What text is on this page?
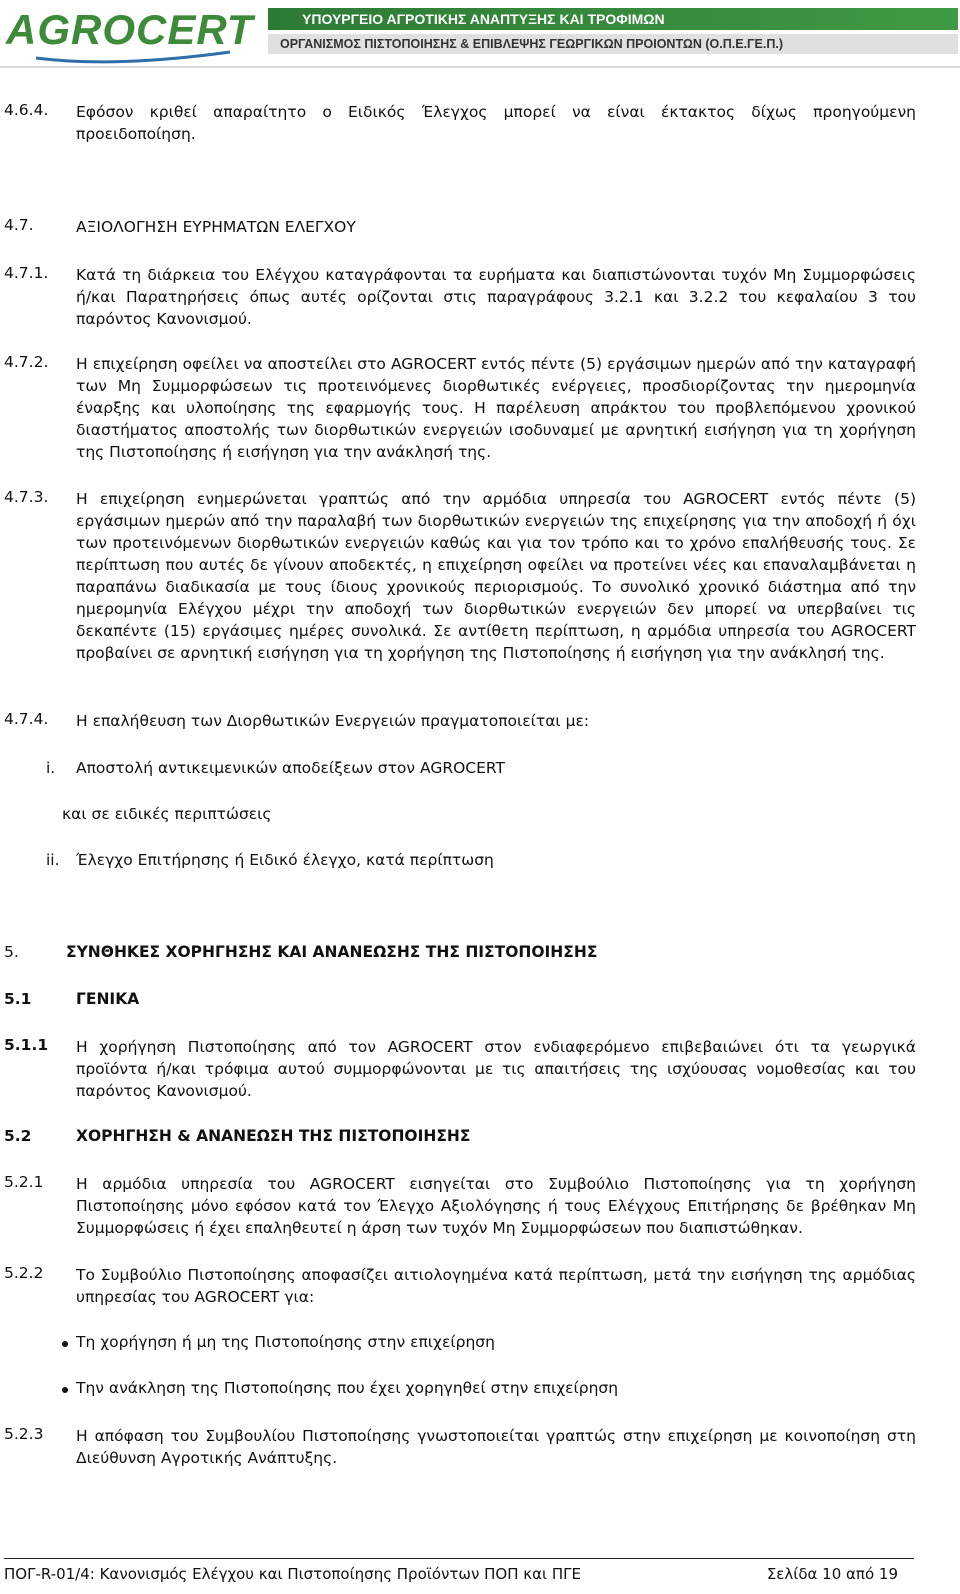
AGROCERT	ΥΠΟΥΡΓΕΙΟ ΑΓΡΟΤΙΚΗΣ ΑΝΑΠΤΥΞΗΣ ΚΑΙ ΤΡΟΦΙΜΩΝ
ΟΡΓΑΝΙΣΜΟΣ ΠΙΣΤΟΠΟΙΗΣΗΣ & ΕΠΙΒΛΕΨΗΣ ΓΕΩΡΓΙΚΩΝ ΠΡΟΙΟΝΤΩΝ (Ο.Π.Ε.ΓΕ.Π.)
4.6.4. Εφόσον κριθεί απαραίτητο ο Ειδικός Έλεγχος μπορεί να είναι έκτακτος δίχως προηγούμενη προειδοποίηση.
4.7.	ΑΞΙΟΛΟΓΗΣΗ ΕΥΡΗΜΑΤΩΝ ΕΛΕΓΧΟΥ
4.7.1. Κατά τη διάρκεια του Ελέγχου καταγράφονται τα ευρήματα και διαπιστώνονται τυχόν Μη Συμμορφώσεις ή/και Παρατηρήσεις όπως αυτές ορίζονται στις παραγράφους 3.2.1 και 3.2.2 του κεφαλαίου 3 του παρόντος Κανονισμού.
4.7.2. Η επιχείρηση οφείλει να αποστείλει στο AGROCERT εντός πέντε (5) εργάσιμων ημερών από την καταγραφή των Μη Συμμορφώσεων τις προτεινόμενες διορθωτικές ενέργειες, προσδιορίζοντας την ημερομηνία έναρξης και υλοποίησης της εφαρμογής τους. Η παρέλευση απράκτου του προβλεπόμενου χρονικού διαστήματος αποστολής των διορθωτικών ενεργειών ισοδυναμεί με αρνητική εισήγηση για τη χορήγηση της Πιστοποίησης ή εισήγηση για την ανάκλησή της.
4.7.3. Η επιχείρηση ενημερώνεται γραπτώς από την αρμόδια υπηρεσία του AGROCERT εντός πέντε (5) εργάσιμων ημερών από την παραλαβή των διορθωτικών ενεργειών της επιχείρησης για την αποδοχή ή όχι των προτεινόμενων διορθωτικών ενεργειών καθώς και για τον τρόπο και το χρόνο επαλήθευσής τους. Σε περίπτωση που αυτές δε γίνουν αποδεκτές, η επιχείρηση οφείλει να προτείνει νέες και επαναλαμβάνεται η παραπάνω διαδικασία με τους ίδιους χρονικούς περιορισμούς. Το συνολικό χρονικό διάστημα από την ημερομηνία Ελέγχου μέχρι την αποδοχή των διορθωτικών ενεργειών δεν μπορεί να υπερβαίνει τις δεκαπέντε (15) εργάσιμες ημέρες συνολικά. Σε αντίθετη περίπτωση, η αρμόδια υπηρεσία του AGROCERT προβαίνει σε αρνητική εισήγηση για τη χορήγηση της Πιστοποίησης ή εισήγηση για την ανάκλησή της.
4.7.4. Η επαλήθευση των Διορθωτικών Ενεργειών πραγματοποιείται με:
i. Αποστολή αντικειμενικών αποδείξεων στον AGROCERT
και σε ειδικές περιπτώσεις
ii. Έλεγχο Επιτήρησης ή Ειδικό έλεγχο, κατά περίπτωση
5.	ΣΥΝΘΗΚΕΣ ΧΟΡΗΓΗΣΗΣ ΚΑΙ ΑΝΑΝΕΩΣΗΣ ΤΗΣ ΠΙΣΤΟΠΟΙΗΣΗΣ
5.1	ΓΕΝΙΚΑ
5.1.1 Η χορήγηση Πιστοποίησης από τον AGROCERT στον ενδιαφερόμενο επιβεβαιώνει ότι τα γεωργικά προϊόντα ή/και τρόφιμα αυτού συμμορφώνονται με τις απαιτήσεις της ισχύουσας νομοθεσίας και του παρόντος Κανονισμού.
5.2	ΧΟΡΗΓΗΣΗ & ΑΝΑΝΕΩΣΗ ΤΗΣ ΠΙΣΤΟΠΟΙΗΣΗΣ
5.2.1 Η αρμόδια υπηρεσία του AGROCERT εισηγείται στο Συμβούλιο Πιστοποίησης για τη χορήγηση Πιστοποίησης μόνο εφόσον κατά τον Έλεγχο Αξιολόγησης ή τους Ελέγχους Επιτήρησης δε βρέθηκαν Μη Συμμορφώσεις ή έχει επαληθευτεί η άρση των τυχόν Μη Συμμορφώσεων που διαπιστώθηκαν.
5.2.2 Το Συμβούλιο Πιστοποίησης αποφασίζει αιτιολογημένα κατά περίπτωση, μετά την εισήγηση της αρμόδιας υπηρεσίας του AGROCERT για:
Τη χορήγηση ή μη της Πιστοποίησης στην επιχείρηση
Την ανάκληση της Πιστοποίησης που έχει χορηγηθεί στην επιχείρηση
5.2.3 Η απόφαση του Συμβουλίου Πιστοποίησης γνωστοποιείται γραπτώς στην επιχείρηση με κοινοποίηση στη Διεύθυνση Αγροτικής Ανάπτυξης.
ΠΟΓ-R-01/4: Κανονισμός Ελέγχου και Πιστοποίησης Προϊόντων ΠΟΠ και ΠΓΕ	Σελίδα 10 από 19
